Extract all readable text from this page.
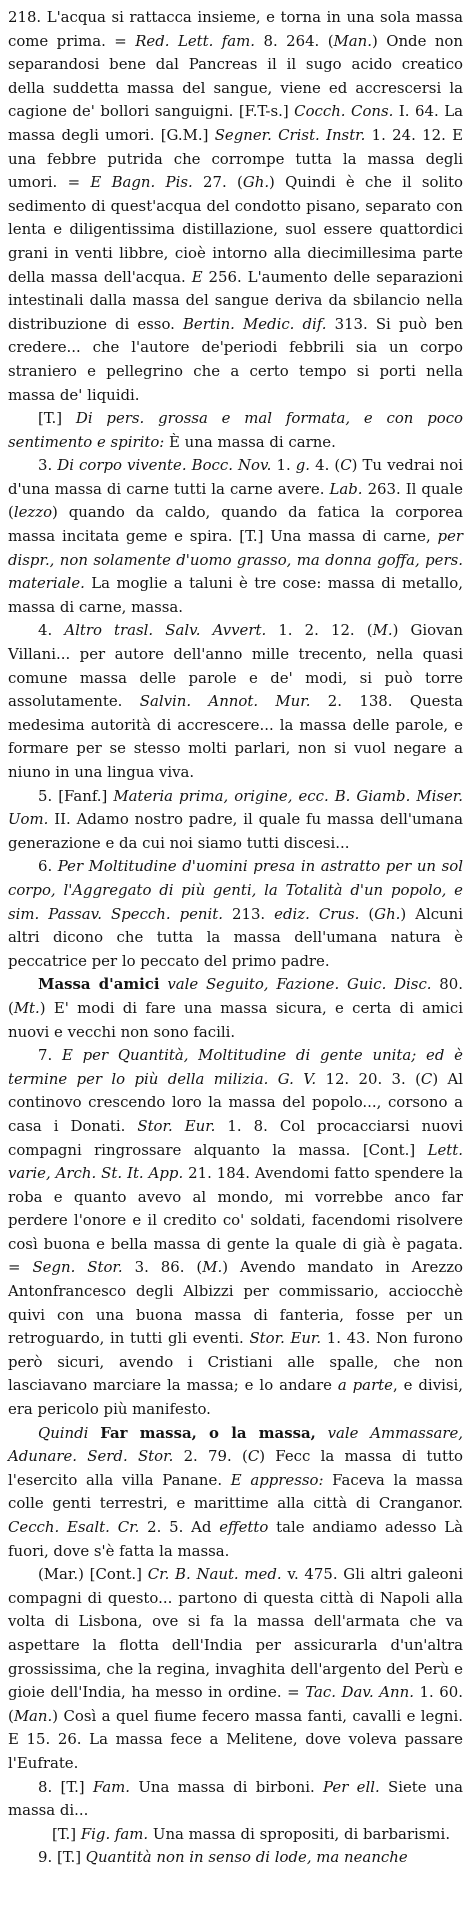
218. L'acqua si rattacca insieme, e torna in una sola massa come prima. = Red. Lett. fam. 8. 264. (Man.) Onde non separandosi bene dal Pancreas il il sugo acido creatico della suddetta massa del sangue, viene ed accrescersi la cagione de' bollori sanguigni. [F.T-s.] Cocch. Cons. I. 64. La massa degli umori. [G.M.] Segner. Crist. Instr. 1. 24. 12. E una febbre putrida che corrompe tutta la massa degli umori. = E Bagn. Pis. 27. (Gh.) Quindi è che il solito sedimento di quest'acqua del condotto pisano, separato con lenta e diligentissima distillazione, suol essere quattordici grani in venti libbre, cioè intorno alla diecimillesima parte della massa dell'acqua. E 256. L'aumento delle separazioni intestinali dalla massa del sangue deriva da sbilancio nella distribuzione di esso. Bertin. Medic. dif. 313. Si può ben credere... che l'autore de'periodi febbrili sia un corpo straniero e pellegrino che a certo tempo si porti nella massa de' liquidi.

[T.] Di pers. grossa e mal formata, e con poco sentimento e spirito: È una massa di carne.

3. Di corpo vivente. Bocc. Nov. 1. g. 4. (C) Tu vedrai noi d'una massa di carne tutti la carne avere. Lab. 263. Il quale (lezzo) quando da caldo, quando da fatica la corporea massa incitata geme e spira. [T.] Una massa di carne, per dispr., non solamente d'uomo grasso, ma donna goffa, pers. materiale. La moglie a taluni è tre cose: massa di metallo, massa di carne, massa.

4. Altro trasl. Salv. Avvert. 1. 2. 12. (M.) Giovan Villani... per autore dell'anno mille trecento, nella quasi comune massa delle parole e de' modi, si può torre assolutamente. Salvin. Annot. Mur. 2. 138. Questa medesima autorità di accrescere... la massa delle parole, e formare per se stesso molti parlari, non si vuol negare a niuno in una lingua viva.

5. [Fanf.] Materia prima, origine, ecc. B. Giamb. Miser. Uom. II. Adamo nostro padre, il quale fu massa dell'umana generazione e da cui noi siamo tutti discesi...

6. Per Moltitudine d'uomini presa in astratto per un sol corpo, l'Aggregato di più genti, la Totalità d'un popolo, e sim. Passav. Specch. penit. 213. ediz. Crus. (Gh.) Alcuni altri dicono che tutta la massa dell'umana natura è peccatrice per lo peccato del primo padre.

Massa d'amici vale Seguito, Fazione. Guic. Disc. 80. (Mt.) E' modi di fare una massa sicura, e certa di amici nuovi e vecchi non sono facili.

7. E per Quantità, Moltitudine di gente unita; ed è termine per lo più della milizia. G. V. 12. 20. 3. (C) Al continovo crescendo loro la massa del popolo..., corsono a casa i Donati. Stor. Eur. 1. 8. Col procacciarsi nuovi compagni ringrossare alquanto la massa. [Cont.] Lett. varie, Arch. St. It. App. 21. 184. Avendomi fatto spendere la roba e quanto avevo al mondo, mi vorrebbe anco far perdere l'onore e il credito co' soldati, facendomi risolvere così buona e bella massa di gente la quale di già è pagata. = Segn. Stor. 3. 86. (M.) Avendo mandato in Arezzo Antonfrancesco degli Albizzi per commissario, acciocchè quivi con una buona massa di fanteria, fosse per un retroguardo, in tutti gli eventi. Stor. Eur. 1. 43. Non furono però sicuri, avendo i Cristiani alle spalle, che non lasciavano marciare la massa; e lo andare a parte, e divisi, era pericolo più manifesto.

Quindi Far massa, o la massa, vale Ammassare, Adunare. Serd. Stor. 2. 79. (C) Fecc la massa di tutto l'esercito alla villa Panane. E appresso: Faceva la massa colle genti terrestri, e marittime alla città di Cranganor. Cecch. Esalt. Cr. 2. 5. Ad effetto tale andiamo adesso Là fuori, dove s'è fatta la massa.

(Mar.) [Cont.] Cr. B. Naut. med. v. 475. Gli altri galeoni compagni di questo... partono di questa città di Napoli alla volta di Lisbona, ove si fa la massa dell'armata che va aspettare la flotta dell'India per assicurarla d'un'altra grossissima, che la regina, invaghita dell'argento del Perù e gioie dell'India, ha messo in ordine. = Tac. Dav. Ann. 1. 60. (Man.) Così a quel fiume fecero massa fanti, cavalli e legni. E 15. 26. La massa fece a Melitene, dove voleva passare l'Eufrate.

8. [T.] Fam. Una massa di birboni. Per ell. Siete una massa di...

[T.] Fig. fam. Una massa di spropositi, di barbarismi.

9. [T.] Quantità non in senso di lode, ma neanche
